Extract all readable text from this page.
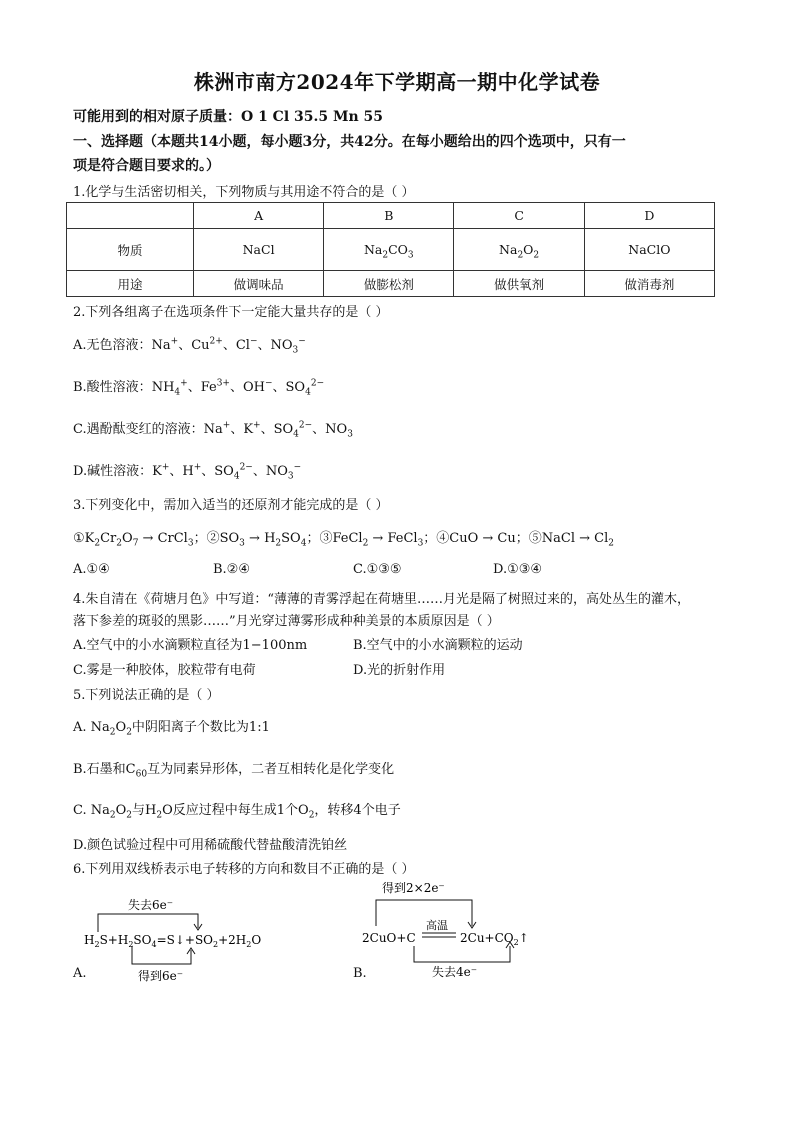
株洲市南方2024年下学期高一期中化学试卷
可能用到的相对原子质量：O 1 Cl 35.5 Mn 55
一、选择题（本题共14小题，每小题3分，共42分。在每小题给出的四个选项中，只有一
项是符合题目要求的。）
1.化学与生活密切相关，下列物质与其用途不符合的是（ ）
	A	B	C	D
物质	NaCl	$Na_2CO_3$	$Na_2O_2$	NaClO
用途	做调味品	做膨松剂	做供氧剂	做消毒剂
2.下列各组离子在选项条件下一定能大量共存的是（ ）
A.无色溶液：Na+、$Cu^{2+}$、Cl−、$NO_3^-$
B.酸性溶液：$NH_4^+$、$Fe^{3+}$、OH−、$SO_4^{2-}$
C.遇酚酞变红的溶液：Na+、K+、$SO_4^{2-}$、$NO_3$
D.碱性溶液：K+、H+、$SO_4^{2-}$、$NO_3^-$
3.下列变化中，需加入适当的还原剂才能完成的是（ ）
$①K_2Cr_2O_7$ → CrCl$_3$；$②SO_3 \to H_2SO_4$；③FeCl$_2$ → FeCl$_3$；④CuO → Cu；⑤NaCl → $Cl_2$
A.①④	B.②④	C.①③⑤	D.①③④
4.朱自清在《荷塘月色》中写道：“薄薄的青雾浮起在荷塘里……月光是隔了树照过来的，高处丛生的灌木，
落下参差的斑驳的黑影……”月光穿过薄雾形成种种美景的本质原因是（ ）
A.空气中的小水滴颗粒直径为1−100nm	B.空气中的小水滴颗粒的运动
C.雾是一种胶体，胶粒带有电荷	D.光的折射作用
5.下列说法正确的是（ ）
A. $Na_2O_2$中阴阳离子个数比为1:1
B.石墨和$C_{60}$互为同素异形体，二者互相转化是化学变化
C. $Na_2O_2$与$H_2O$反应过程中每生成1个$O_2$，转移4个电子
D.颜色试验过程中可用稀硫酸代替盐酸清洗铂丝
6.下列用双线桥表示电子转移的方向和数目不正确的是（ ）
失去6e⁻
$H_2S+H_2SO_4=S↓+SO_2+2H_2O$
得到6e⁻
A.
得到2×2e⁻
高温
2CuO+C	$2Cu+CO_2↑$
失去4e⁻
B.
